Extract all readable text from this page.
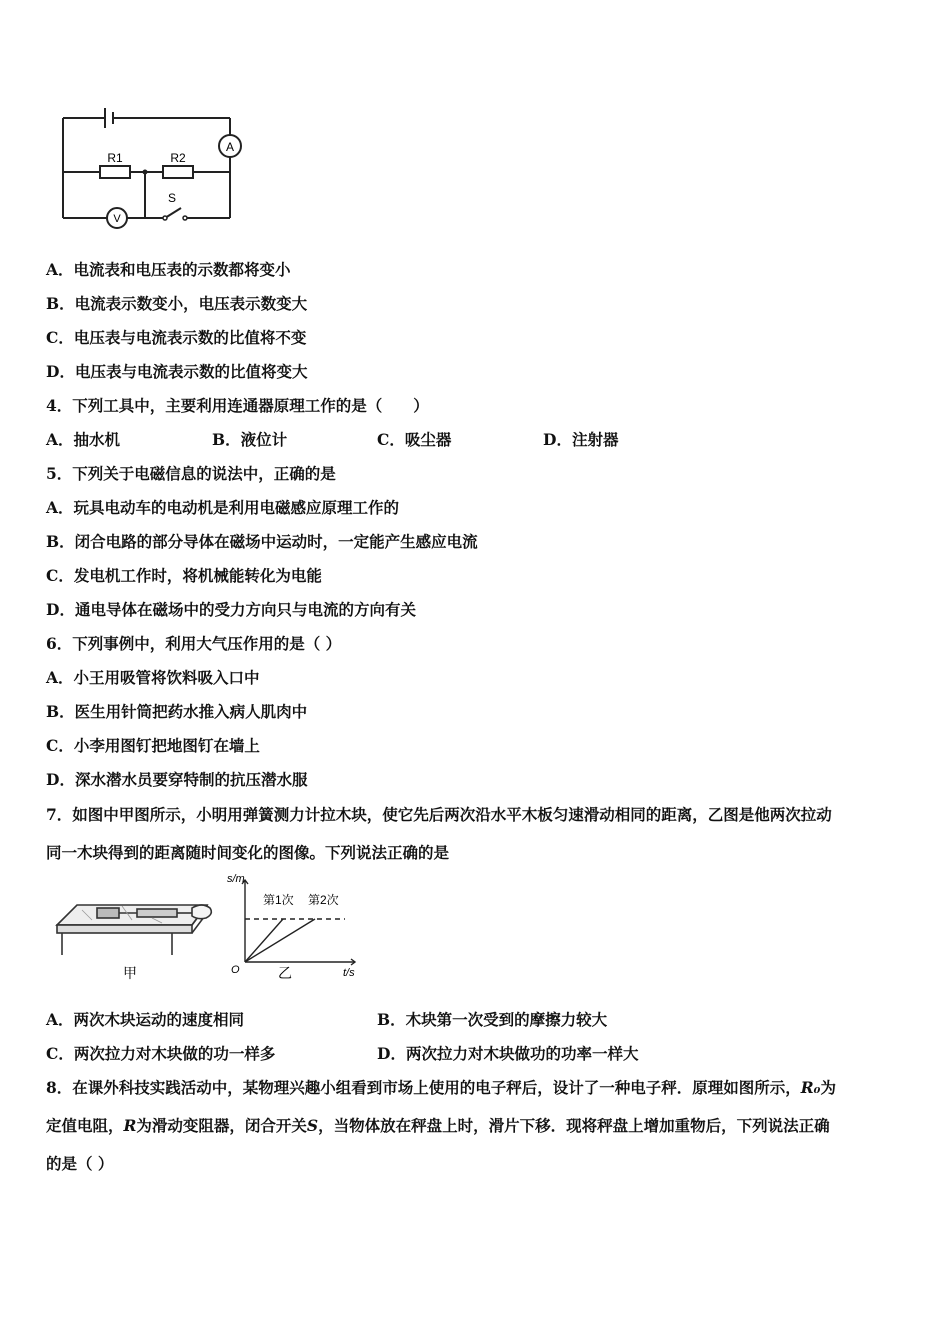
A
V
R1	R2
S
A．电流表和电压表的示数都将变小
B．电流表示数变小，电压表示数变大
C．电压表与电流表示数的比值将不变
D．电压表与电流表示数的比值将变大
4．下列工具中，主要利用连通器原理工作的是（　　）
A．抽水机	B．液位计	C．吸尘器	D．注射器
5．下列关于电磁信息的说法中，正确的是
A．玩具电动车的电动机是利用电磁感应原理工作的
B．闭合电路的部分导体在磁场中运动时，一定能产生感应电流
C．发电机工作时，将机械能转化为电能
D．通电导体在磁场中的受力方向只与电流的方向有关
6．下列事例中，利用大气压作用的是（ ）
A．小王用吸管将饮料吸入口中
B．医生用针筒把药水推入病人肌肉中
C．小李用图钉把地图钉在墙上
D．深水潜水员要穿特制的抗压潜水服
7．如图中甲图所示，小明用弹簧测力计拉木块，使它先后两次沿水平木板匀速滑动相同的距离，乙图是他两次拉动
同一木块得到的距离随时间变化的图像。下列说法正确的是
甲
s/m
t/s
O
第1次 第2次
乙
A．两次木块运动的速度相同	B．木块第一次受到的摩擦力较大
C．两次拉力对木块做的功一样多	D．两次拉力对木块做功的功率一样大
8．在课外科技实践活动中，某物理兴趣小组看到市场上使用的电子秤后，设计了一种电子秤．原理如图所示，R₀为
定值电阻，R为滑动变阻器，闭合开关S，当物体放在秤盘上时，滑片下移．现将秤盘上增加重物后，下列说法正确
的是（ ）
